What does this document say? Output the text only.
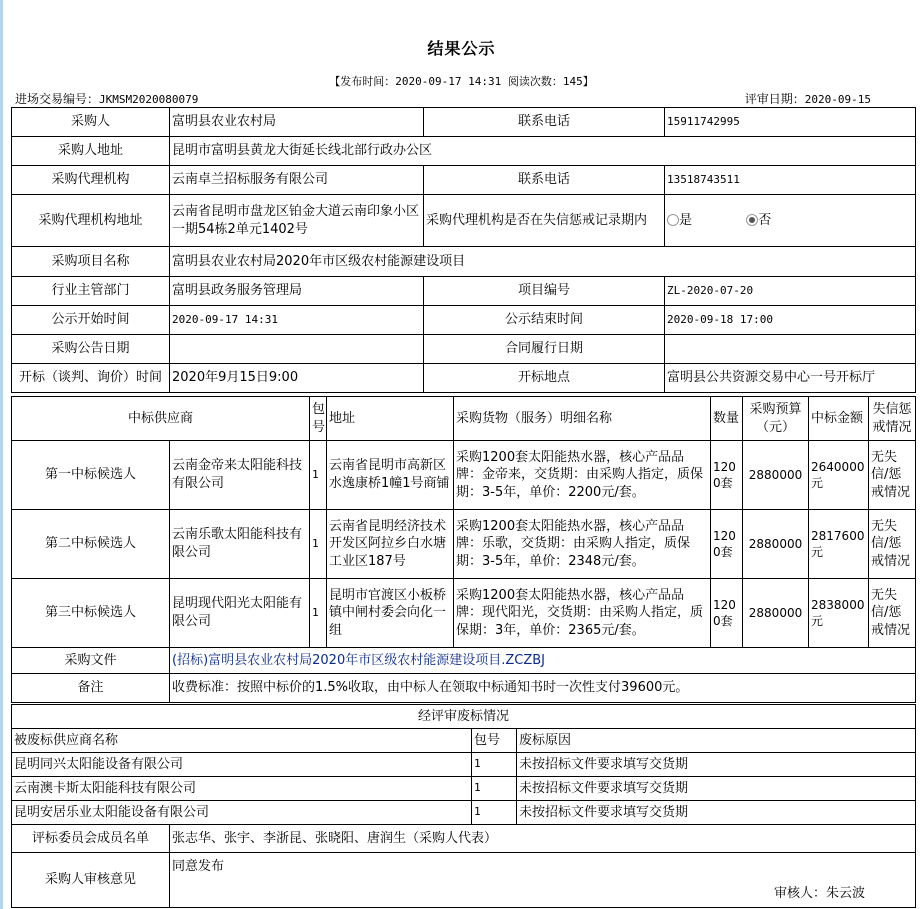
结果公示
【发布时间：2020-09-17 14:31 阅读次数：145】
进场交易编号：JKMSM2020080079	评审日期：2020-09-15
采购人	富明县农业农村局	联系电话	15911742995
采购人地址	昆明市富明县黄龙大街延长线北部行政办公区		
采购代理机构	云南卓兰招标服务有限公司	联系电话	13518743511
采购代理机构地址	云南省昆明市盘龙区铂金大道云南印象小区一期54栋2单元1402号	采购代理机构是否在失信惩戒记录期内	是 否
采购项目名称	富明县农业农村局2020年市区级农村能源建设项目		
行业主管部门	富明县政务服务管理局	项目编号	ZL-2020-07-20
公示开始时间	2020-09-17 14:31	公示结束时间	2020-09-18 17:00
采购公告日期		合同履行日期	
开标（谈判、询价）时间	2020年9月15日9:00	开标地点	富明县公共资源交易中心一号开标厅
中标供应商		包号	地址	采购货物（服务）明细名称	数量	采购预算（元）	中标金额	失信惩戒情况
第一中标候选人	云南金帝来太阳能科技有限公司	1	云南省昆明市高新区水逸康桥1幢1号商铺	采购1200套太阳能热水器，核心产品品牌：金帝来，交货期：由采购人指定，质保期：3-5年，单价：2200元/套。	1200套	2880000	2640000元	无失信/惩戒情况
第二中标候选人	云南乐歌太阳能科技有限公司	1	云南省昆明经济技术开发区阿拉乡白水塘工业区187号	采购1200套太阳能热水器，核心产品品牌：乐歌，交货期：由采购人指定，质保期：3-5年，单价：2348元/套。	1200套	2880000	2817600元	无失信/惩戒情况
第三中标候选人	昆明现代阳光太阳能有限公司	1	昆明市官渡区小板桥镇中闸村委会向化一组	采购1200套太阳能热水器，核心产品品牌：现代阳光，交货期：由采购人指定，质保期：3年，单价：2365元/套。	1200套	2880000	2838000元	无失信/惩戒情况
采购文件	(招标)富明县农业农村局2020年市区级农村能源建设项目.ZCZBJ							
备注	收费标准：按照中标价的1.5%收取，由中标人在领取中标通知书时一次性支付39600元。							
经评审废标情况		
被废标供应商名称	包号	废标原因
昆明同兴太阳能设备有限公司	1	未按招标文件要求填写交货期
云南澳卡斯太阳能科技有限公司	1	未按招标文件要求填写交货期
昆明安居乐业太阳能设备有限公司	1	未按招标文件要求填写交货期
评标委员会成员名单	张志华、张宇、李浙昆、张晓阳、唐润生（采购人代表）
采购人审核意见	同意发布
审核人：朱云波
